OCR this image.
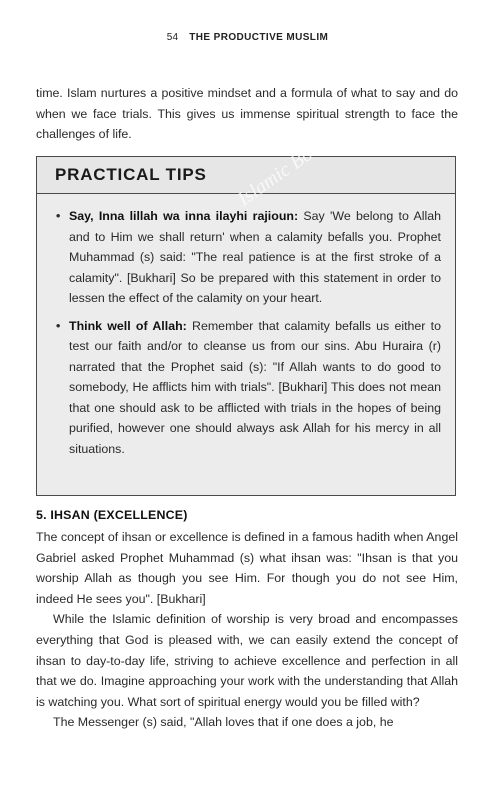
54 THE PRODUCTIVE MUSLIM

time. Islam nurtures a positive mindset and a formula of what to say and do when we face trials. This gives us immense spiritual strength to face the challenges of life.

PRACTICAL TIPS
• Say, Inna lillah wa inna ilayhi rajioun: Say 'We belong to Allah and to Him we shall return' when a calamity befalls you. Prophet Muhammad (s) said: "The real patience is at the first stroke of a calamity". [Bukhari] So be prepared with this statement in order to lessen the effect of the calamity on your heart.
• Think well of Allah: Remember that calamity befalls us either to test our faith and/or to cleanse us from our sins. Abu Huraira (r) narrated that the Prophet said (s): "If Allah wants to do good to somebody, He afflicts him with trials". [Bukhari] This does not mean that one should ask to be afflicted with trials in the hopes of being purified, however one should always ask Allah for his mercy in all situations.
Islamic Books
5. IHSAN (EXCELLENCE)

The concept of ihsan or excellence is defined in a famous hadith when Angel Gabriel asked Prophet Muhammad (s) what ihsan was: "Ihsan is that you worship Allah as though you see Him. For though you do not see Him, indeed He sees you". [Bukhari]

While the Islamic definition of worship is very broad and encompasses everything that God is pleased with, we can easily extend the concept of ihsan to day-to-day life, striving to achieve excellence and perfection in all that we do. Imagine approaching your work with the understanding that Allah is watching you. What sort of spiritual energy would you be filled with?

The Messenger (s) said, "Allah loves that if one does a job, he
